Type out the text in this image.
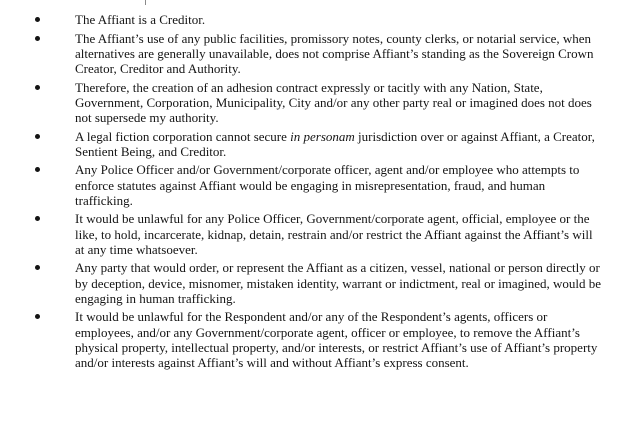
The Affiant is a Creditor.
The Affiant’s use of any public facilities, promissory notes, county clerks, or notarial service, when alternatives are generally unavailable, does not comprise Affiant’s standing as the Sovereign Crown Creator, Creditor and Authority.
Therefore, the creation of an adhesion contract expressly or tacitly with any Nation, State, Government, Corporation, Municipality, City and/or any other party real or imagined does not does not supersede my authority.
A legal fiction corporation cannot secure in personam jurisdiction over or against Affiant, a Creator, Sentient Being, and Creditor.
Any Police Officer and/or Government/corporate officer, agent and/or employee who attempts to enforce statutes against Affiant would be engaging in misrepresentation, fraud, and human trafficking.
It would be unlawful for any Police Officer, Government/corporate agent, official, employee or the like, to hold, incarcerate, kidnap, detain, restrain and/or restrict the Affiant against the Affiant’s will at any time whatsoever.
Any party that would order, or represent the Affiant as a citizen, vessel, national or person directly or by deception, device, misnomer, mistaken identity, warrant or indictment, real or imagined, would be engaging in human trafficking.
It would be unlawful for the Respondent and/or any of the Respondent’s agents, officers or employees, and/or any Government/corporate agent, officer or employee, to remove the Affiant’s physical property, intellectual property, and/or interests, or restrict Affiant’s use of Affiant’s property and/or interests against Affiant’s will and without Affiant’s express consent.
